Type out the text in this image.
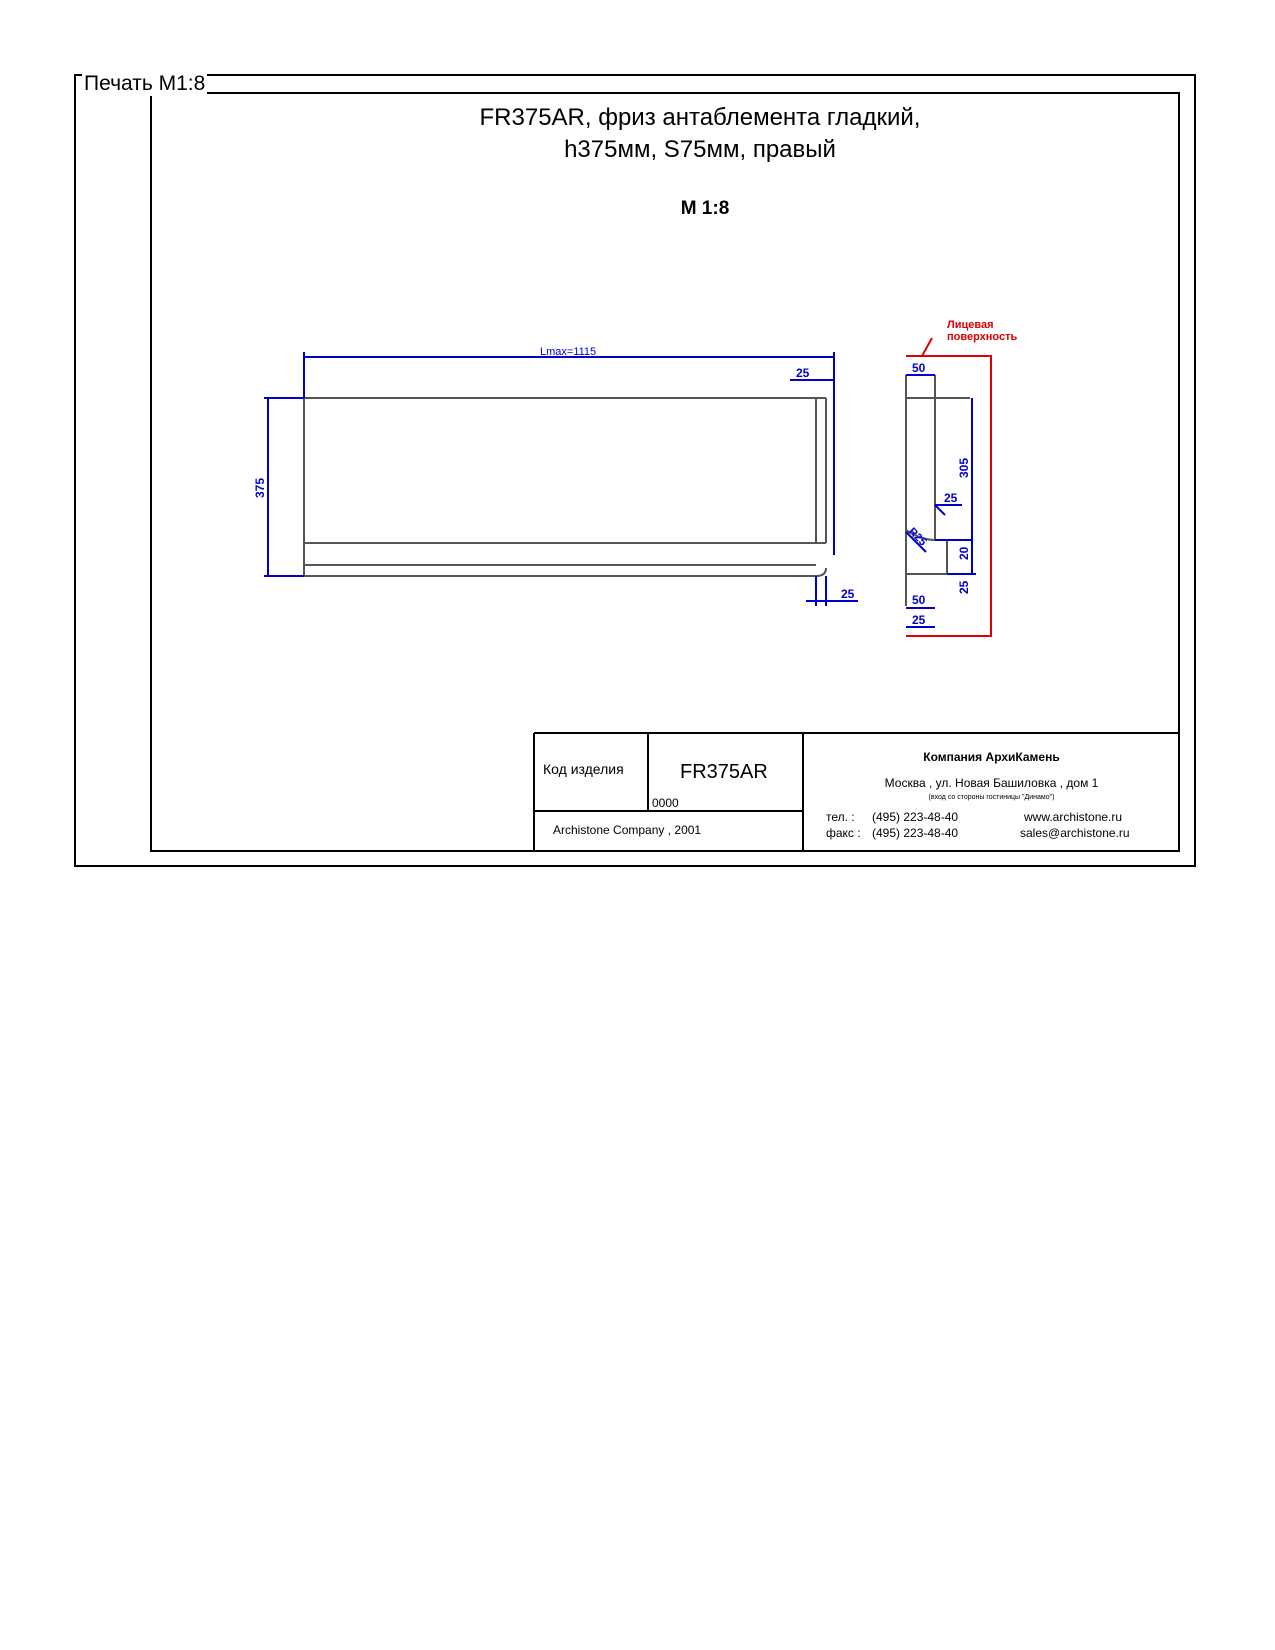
Печать М1:8
FR375AR, фриз антаблемента гладкий,
h375мм, S75мм, правый
М 1:8
Lmax=1115
375
25
25
Лицевая
поверхность
50
305
25
R25
20
25
50
25
Код изделия	FR375AR
0000
Archistone Company , 2001
Компания АрхиКамень
Москва , ул. Новая Башиловка , дом 1
(вход со стороны гостиницы "Динамо")
тел. : (495) 223-48-40
факс : (495) 223-48-40
www.archistone.ru
sales@archistone.ru
